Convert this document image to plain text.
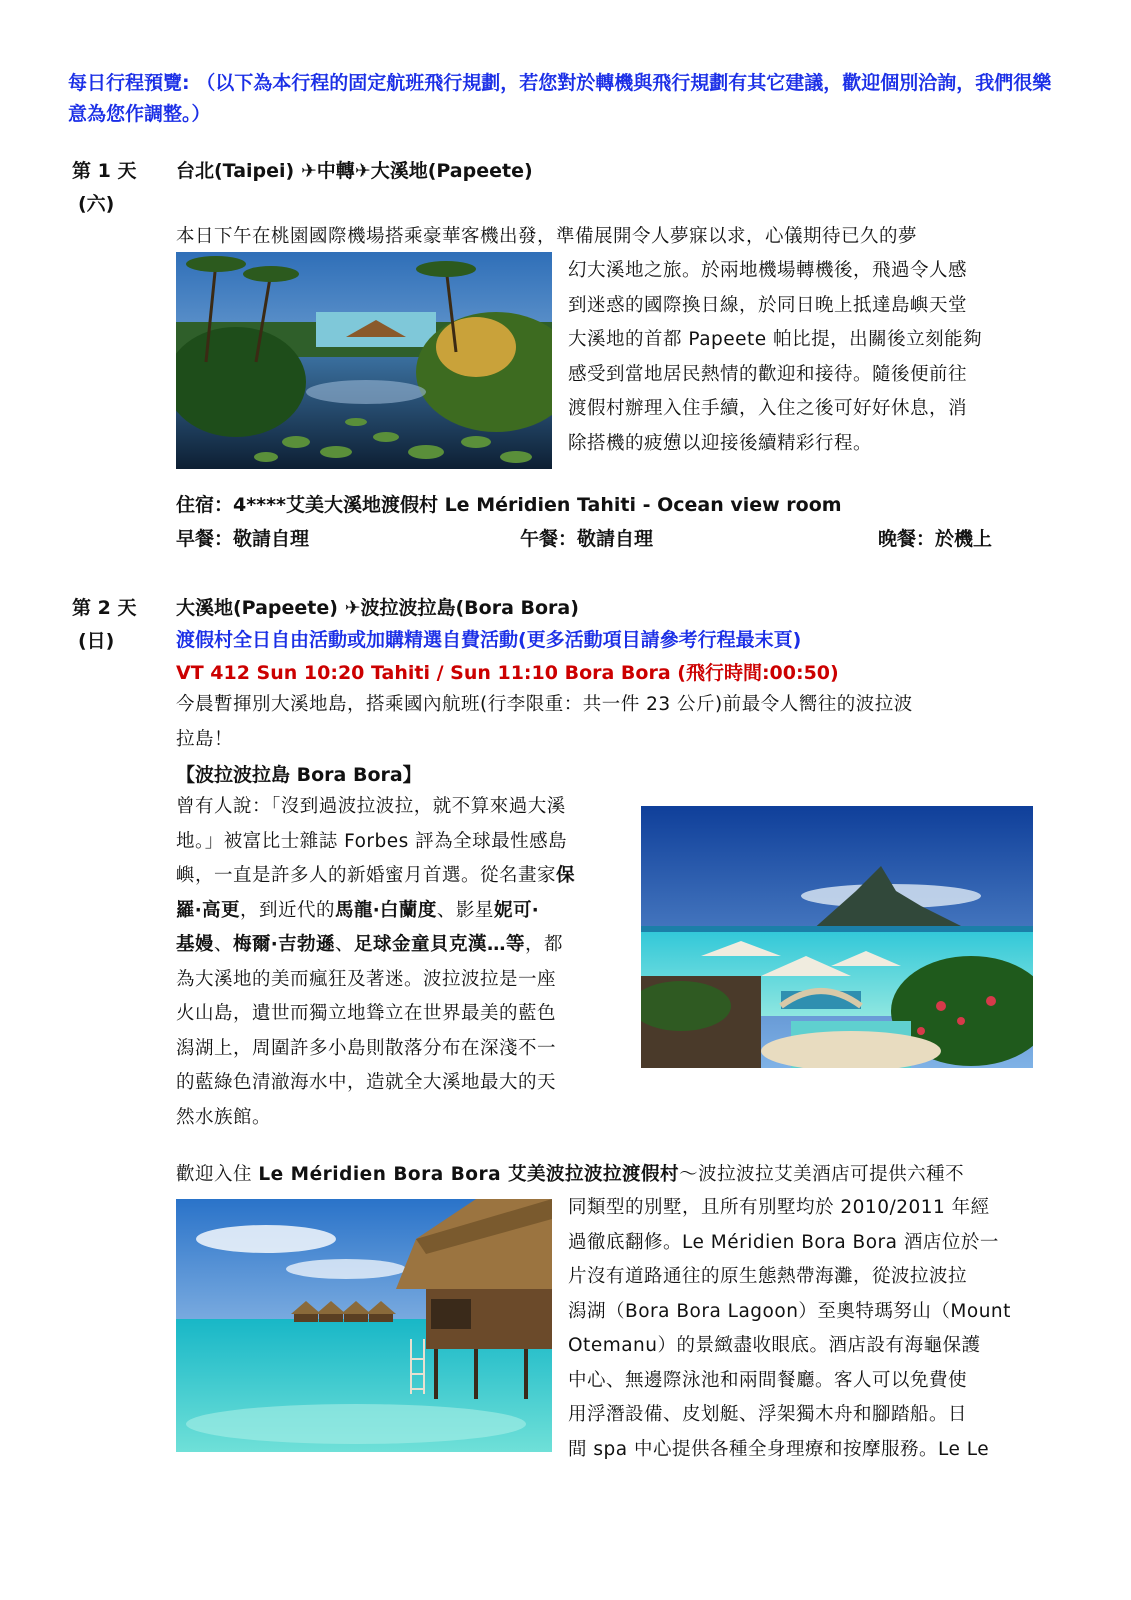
每日行程預覽: （以下為本行程的固定航班飛行規劃，若您對於轉機與飛行規劃有其它建議，歡迎個別洽詢，我們很樂意為您作調整。）
第 1 天
(六)
台北(Taipei) ✈中轉✈大溪地(Papeete)
本日下午在桃園國際機場搭乘豪華客機出發，準備展開令人夢寐以求，心儀期待已久的夢
幻大溪地之旅。於兩地機場轉機後，飛過令人感
到迷惑的國際換日線，於同日晚上抵達島嶼天堂
大溪地的首都 Papeete 帕比提，出關後立刻能夠
感受到當地居民熱情的歡迎和接待。隨後便前往
渡假村辦理入住手續，入住之後可好好休息，消
除搭機的疲憊以迎接後續精彩行程。
住宿：4****艾美大溪地渡假村 Le Méridien Tahiti - Ocean view room
早餐：敬請自理	午餐：敬請自理	晚餐：於機上
第 2 天
(日)
大溪地(Papeete) ✈波拉波拉島(Bora Bora)
渡假村全日自由活動或加購精選自費活動(更多活動項目請參考行程最末頁)
VT 412 Sun 10:20 Tahiti / Sun 11:10 Bora Bora (飛行時間:00:50)
今晨暫揮別大溪地島，搭乘國內航班(行李限重：共一件 23 公斤)前最令人嚮往的波拉波
拉島！
【波拉波拉島 Bora Bora】
曾有人說：「沒到過波拉波拉，就不算來過大溪
地。」被富比士雜誌 Forbes 評為全球最性感島
嶼，一直是許多人的新婚蜜月首選。從名畫家保
羅‧高更，到近代的馬龍‧白蘭度、影星妮可‧
基嫚、梅爾‧吉勃遜、足球金童貝克漢…等，都
為大溪地的美而瘋狂及著迷。波拉波拉是一座
火山島，遺世而獨立地聳立在世界最美的藍色
潟湖上，周圍許多小島則散落分布在深淺不一
的藍綠色清澈海水中，造就全大溪地最大的天
然水族館。
歡迎入住 Le Méridien Bora Bora 艾美波拉波拉渡假村～波拉波拉艾美酒店可提供六種不
同類型的別墅，且所有別墅均於 2010/2011 年經
過徹底翻修。Le Méridien Bora Bora 酒店位於一
片沒有道路通往的原生態熱帶海灘，從波拉波拉
潟湖（Bora Bora Lagoon）至奧特瑪努山（Mount
Otemanu）的景緻盡收眼底。酒店設有海龜保護
中心、無邊際泳池和兩間餐廳。客人可以免費使
用浮潛設備、皮划艇、浮架獨木舟和腳踏船。日
間 spa 中心提供各種全身理療和按摩服務。Le Le
